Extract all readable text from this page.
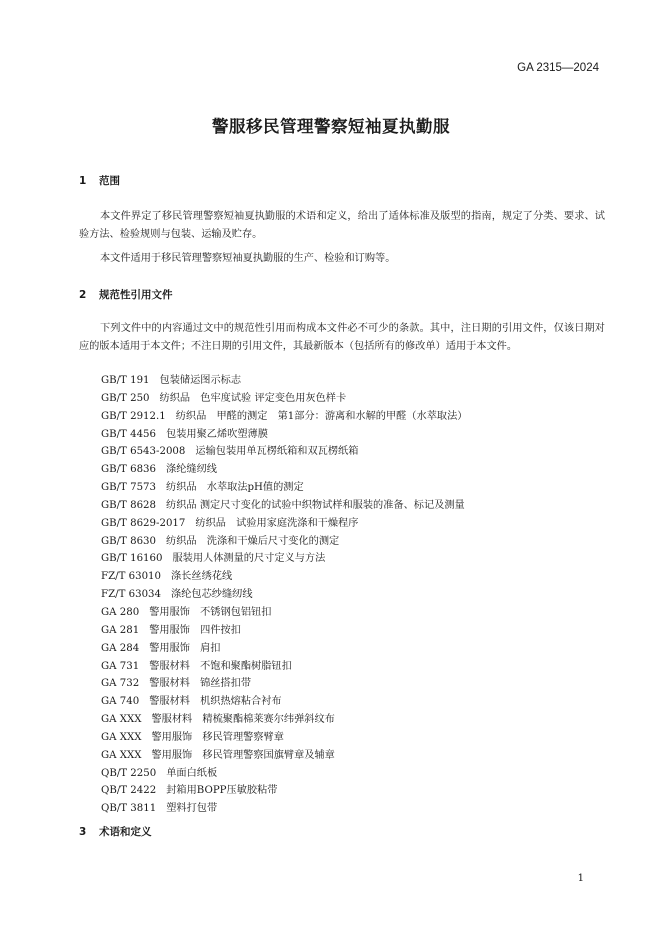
GA 2315—2024
警服移民管理警察短袖夏执勤服
1 范围

本文件界定了移民管理警察短袖夏执勤服的术语和定义，给出了适体标准及版型的指南，规定了分类、要求、试验方法、检验规则与包装、运输及贮存。

本文件适用于移民管理警察短袖夏执勤服的生产、检验和订购等。

2 规范性引用文件

下列文件中的内容通过文中的规范性引用而构成本文件必不可少的条款。其中，注日期的引用文件，仅该日期对应的版本适用于本文件；不注日期的引用文件，其最新版本（包括所有的修改单）适用于本文件。

GB/T 191 包装储运图示标志
GB/T 250 纺织品　色牢度试验 评定变色用灰色样卡
GB/T 2912.1 纺织品　甲醛的测定　第1部分：游离和水解的甲醛（水萃取法）
GB/T 4456 包装用聚乙烯吹塑薄膜
GB/T 6543-2008 运输包装用单瓦楞纸箱和双瓦楞纸箱
GB/T 6836 涤纶缝纫线
GB/T 7573 纺织品　水萃取法pH值的测定
GB/T 8628 纺织品 测定尺寸变化的试验中织物试样和服装的准备、标记及测量
GB/T 8629-2017 纺织品　试验用家庭洗涤和干燥程序
GB/T 8630 纺织品　洗涤和干燥后尺寸变化的测定
GB/T 16160 服装用人体测量的尺寸定义与方法
FZ/T 63010 涤长丝绣花线
FZ/T 63034 涤纶包芯纱缝纫线
GA 280 警用服饰　不锈钢包铝钮扣
GA 281 警用服饰　四件按扣
GA 284 警用服饰　肩扣
GA 731 警服材料　不饱和聚酯树脂钮扣
GA 732 警服材料　锦丝搭扣带
GA 740 警服材料　机织热熔粘合衬布
GA XXX 警服材料　精梳聚酯棉莱赛尔纬弹斜纹布
GA XXX 警用服饰　移民管理警察臂章
GA XXX 警用服饰　移民管理警察国旗臂章及辅章
QB/T 2250 单面白纸板
QB/T 2422 封箱用BOPP压敏胶粘带
QB/T 3811 塑料打包带
3 术语和定义
1
